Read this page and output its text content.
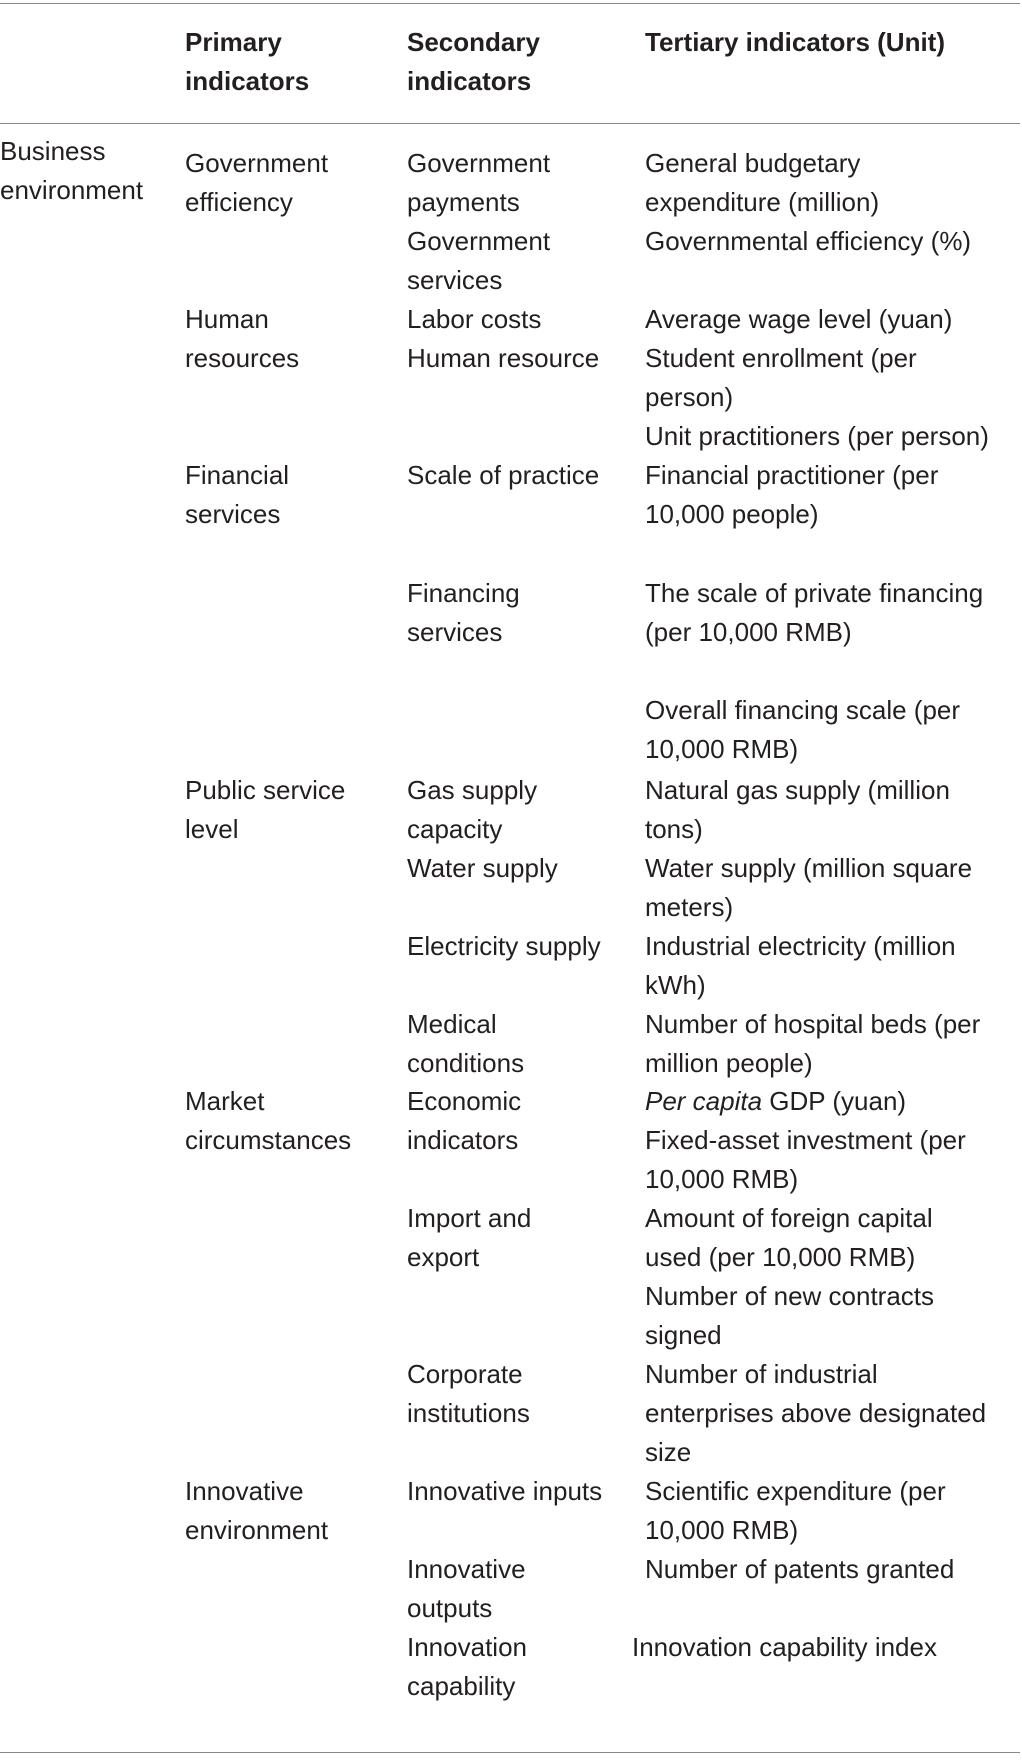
Primary
indicators
Secondary
indicators
Tertiary indicators (Unit)
Business
environment
Government
efficiency
Human
resources
Financial
services
Public service
level
Market
circumstances
Innovative
environment
Government
payments
Government
services
Labor costs
Human resource
Scale of practice
Financing
services
Gas supply
capacity
Water supply
Electricity supply
Medical
conditions
Economic
indicators
Import and
export
Corporate
institutions
Innovative inputs
Innovative
outputs
Innovation
capability
General budgetary
expenditure (million)
Governmental efficiency (%)
Average wage level (yuan)
Student enrollment (per
person)
Unit practitioners (per person)
Financial practitioner (per
10,000 people)
The scale of private financing
(per 10,000 RMB)
Overall financing scale (per
10,000 RMB)
Natural gas supply (million
tons)
Water supply (million square
meters)
Industrial electricity (million
kWh)
Number of hospital beds (per
million people)
Per capita GDP (yuan)
Fixed-asset investment (per
10,000 RMB)
Amount of foreign capital
used (per 10,000 RMB)
Number of new contracts
signed
Number of industrial
enterprises above designated
size
Scientific expenditure (per
10,000 RMB)
Number of patents granted
Innovation capability index
